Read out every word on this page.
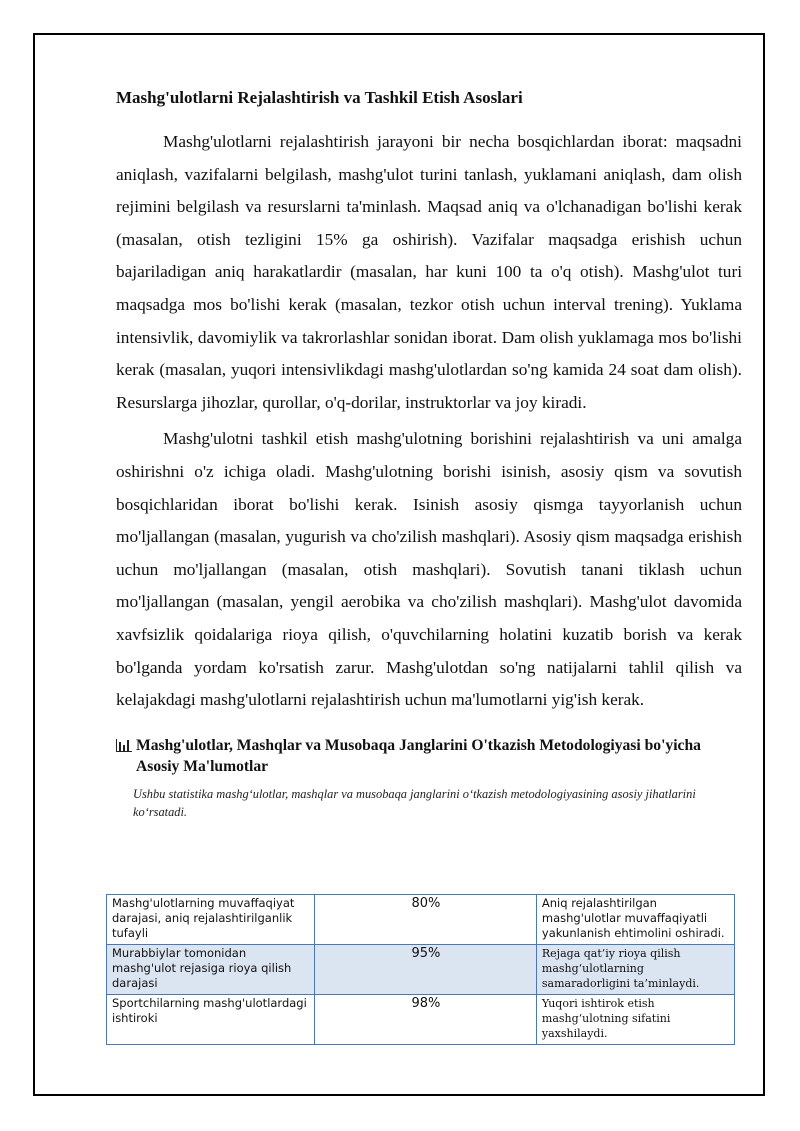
Mashg'ulotlarni Rejalashtirish va Tashkil Etish Asoslari

Mashg'ulotlarni rejalashtirish jarayoni bir necha bosqichlardan iborat: maqsadni aniqlash, vazifalarni belgilash, mashg'ulot turini tanlash, yuklamani aniqlash, dam olish rejimini belgilash va resurslarni ta'minlash. Maqsad aniq va o'lchanadigan bo'lishi kerak (masalan, otish tezligini 15% ga oshirish). Vazifalar maqsadga erishish uchun bajariladigan aniq harakatlardir (masalan, har kuni 100 ta o'q otish). Mashg'ulot turi maqsadga mos bo'lishi kerak (masalan, tezkor otish uchun interval trening). Yuklama intensivlik, davomiylik va takrorlashlar sonidan iborat. Dam olish yuklamaga mos bo'lishi kerak (masalan, yuqori intensivlikdagi mashg'ulotlardan so'ng kamida 24 soat dam olish). Resurslarga jihozlar, qurollar, o'q-dorilar, instruktorlar va joy kiradi.

Mashg'ulotni tashkil etish mashg'ulotning borishini rejalashtirish va uni amalga oshirishni o'z ichiga oladi. Mashg'ulotning borishi isinish, asosiy qism va sovutish bosqichlaridan iborat bo'lishi kerak. Isinish asosiy qismga tayyorlanish uchun mo'ljallangan (masalan, yugurish va cho'zilish mashqlari). Asosiy qism maqsadga erishish uchun mo'ljallangan (masalan, otish mashqlari). Sovutish tanani tiklash uchun mo'ljallangan (masalan, yengil aerobika va cho'zilish mashqlari). Mashg'ulot davomida xavfsizlik qoidalariga rioya qilish, o'quvchilarning holatini kuzatib borish va kerak bo'lganda yordam ko'rsatish zarur. Mashg'ulotdan so'ng natijalarni tahlil qilish va kelajakdagi mashg'ulotlarni rejalashtirish uchun ma'lumotlarni yig'ish kerak.

Mashg'ulotlar, Mashqlar va Musobaqa Janglarini O'tkazish Metodologiyasi bo'yicha Asosiy Ma'lumotlar
Ushbu statistika mashg‘ulotlar, mashqlar va musobaqa janglarini o‘tkazish metodologiyasining asosiy jihatlarini ko‘rsatadi.
Mashg'ulotlarning muvaffaqiyat darajasi, aniq rejalashtirilganlik tufayli	80%	Aniq rejalashtirilgan mashg'ulotlar muvaffaqiyatli yakunlanish ehtimolini oshiradi.
Murabbiylar tomonidan mashg'ulot rejasiga rioya qilish darajasi	95%	Rejaga qat’iy rioya qilish mashg‘ulotlarning samaradorligini ta’minlaydi.
Sportchilarning mashg'ulotlardagi ishtiroki	98%	Yuqori ishtirok etish mashg‘ulotning sifatini yaxshilaydi.
